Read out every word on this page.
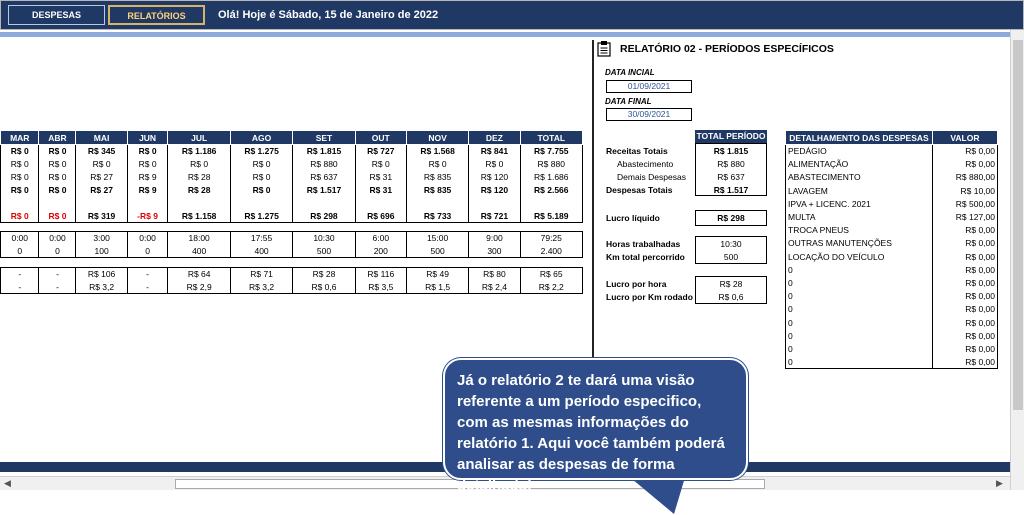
DESPESAS	RELATÓRIOS	Olá! Hoje é Sábado, 15 de Janeiro de 2022
MAR	ABR	MAI	JUN	JUL	AGO	SET	OUT	NOV	DEZ	TOTAL
R$ 0	R$ 0	R$ 345	R$ 0	R$ 1.186	R$ 1.275	R$ 1.815	R$ 727	R$ 1.568	R$ 841	R$ 7.755
R$ 0	R$ 0	R$ 0	R$ 0	R$ 0	R$ 0	R$ 880	R$ 0	R$ 0	R$ 0	R$ 880
R$ 0	R$ 0	R$ 27	R$ 9	R$ 28	R$ 0	R$ 637	R$ 31	R$ 835	R$ 120	R$ 1.686
R$ 0	R$ 0	R$ 27	R$ 9	R$ 28	R$ 0	R$ 1.517	R$ 31	R$ 835	R$ 120	R$ 2.566

R$ 0	R$ 0	R$ 319	-R$ 9	R$ 1.158	R$ 1.275	R$ 298	R$ 696	R$ 733	R$ 721	R$ 5.189

0:00	0:00	3:00	0:00	18:00	17:55	10:30	6:00	15:00	9:00	79:25
0	0	100	0	400	400	500	200	500	300	2.400

-	-	R$ 106	-	R$ 64	R$ 71	R$ 28	R$ 116	R$ 49	R$ 80	R$ 65
-	-	R$ 3,2	-	R$ 2,9	R$ 3,2	R$ 0,6	R$ 3,5	R$ 1,5	R$ 2,4	R$ 2,2
RELATÓRIO 02 - PERÍODOS ESPECÍFICOS
DATA INCIAL
01/09/2021
DATA FINAL
30/09/2021
TOTAL PERÍODO
Receitas Totais	R$ 1.815
Abastecimento	R$ 880
Demais Despesas	R$ 637
Despesas Totais	R$ 1.517
Lucro líquido	R$ 298
Horas trabalhadas	10:30
Km total percorrido	500
Lucro por hora	R$ 28
Lucro por Km rodado	R$ 0,6
DETALHAMENTO DAS DESPESAS	VALOR
PEDÁGIO	R$ 0,00
ALIMENTAÇÃO	R$ 0,00
ABASTECIMENTO	R$ 880,00
LAVAGEM	R$ 10,00
IPVA + LICENC. 2021	R$ 500,00
MULTA	R$ 127,00
TROCA PNEUS	R$ 0,00
OUTRAS MANUTENÇÕES	R$ 0,00
LOCAÇÃO DO VEÍCULO	R$ 0,00
0	R$ 0,00
0	R$ 0,00
0	R$ 0,00
0	R$ 0,00
0	R$ 0,00
0	R$ 0,00
0	R$ 0,00
0	R$ 0,00
◀	▶
Já o relatório 2 te dará uma visão referente a um período especifico, com as mesmas informações do relatório 1. Aqui você também poderá analisar as despesas de forma detalhada!
